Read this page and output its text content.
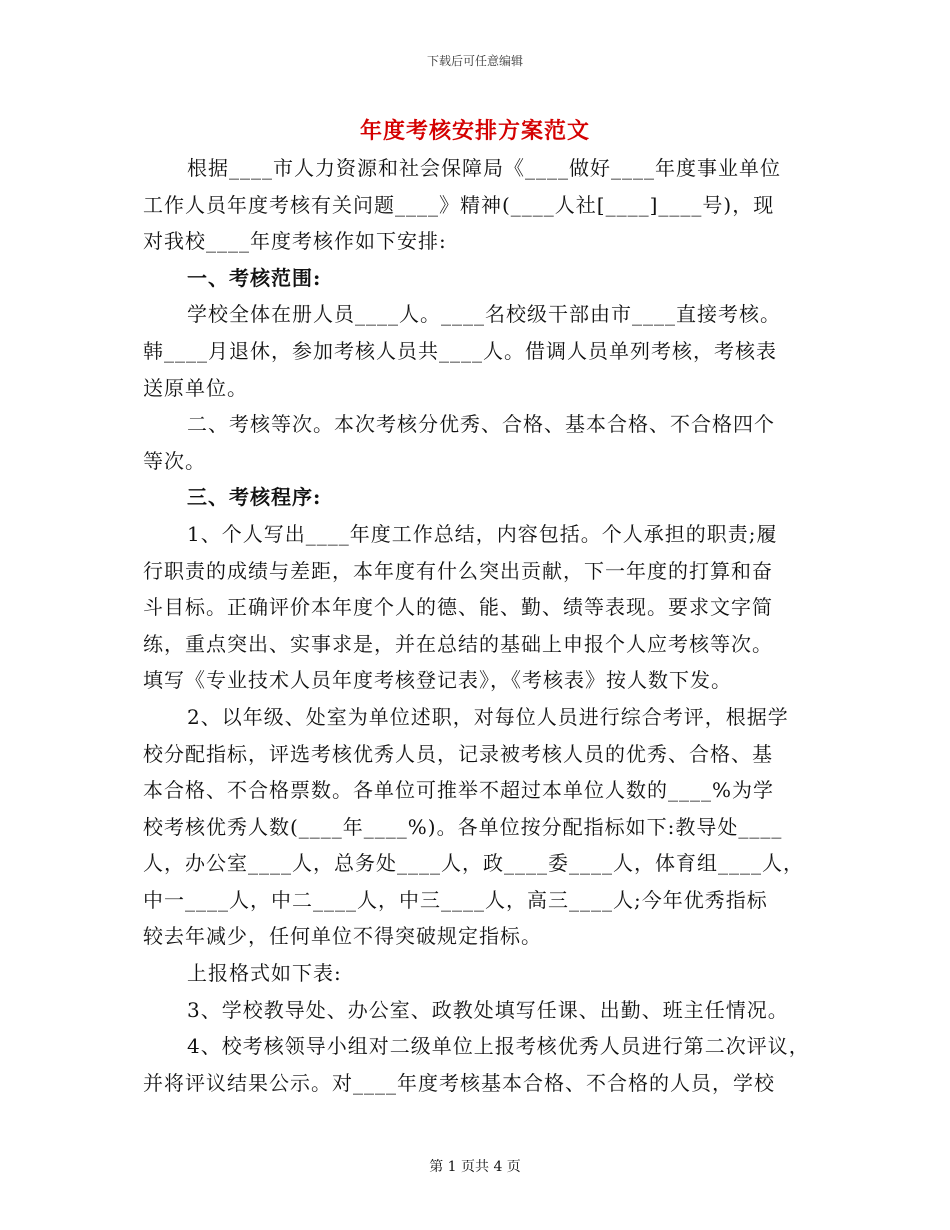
下载后可任意编辑
年度考核安排方案范文
根据____市人力资源和社会保障局《____做好____年度事业单位
工作人员年度考核有关问题____》精神(____人社[____]____号)，现
对我校____年度考核作如下安排:
一、考核范围:
学校全体在册人员____人。____名校级干部由市____直接考核。
韩____月退休，参加考核人员共____人。借调人员单列考核，考核表
送原单位。
二、考核等次。本次考核分优秀、合格、基本合格、不合格四个
等次。
三、考核程序:
1、个人写出____年度工作总结，内容包括。个人承担的职责;履
行职责的成绩与差距，本年度有什么突出贡献，下一年度的打算和奋
斗目标。正确评价本年度个人的德、能、勤、绩等表现。要求文字简
练，重点突出、实事求是，并在总结的基础上申报个人应考核等次。
填写《专业技术人员年度考核登记表》，《考核表》按人数下发。
2、以年级、处室为单位述职，对每位人员进行综合考评，根据学
校分配指标，评选考核优秀人员，记录被考核人员的优秀、合格、基
本合格、不合格票数。各单位可推举不超过本单位人数的____%为学
校考核优秀人数(____年____%)。各单位按分配指标如下:教导处____
人，办公室____人，总务处____人，政____委____人，体育组____人，
中一____人，中二____人，中三____人，高三____人;今年优秀指标
较去年减少，任何单位不得突破规定指标。
上报格式如下表:
3、学校教导处、办公室、政教处填写任课、出勤、班主任情况。
4、校考核领导小组对二级单位上报考核优秀人员进行第二次评议，
并将评议结果公示。对____年度考核基本合格、不合格的人员，学校
第 1 页共 4 页
